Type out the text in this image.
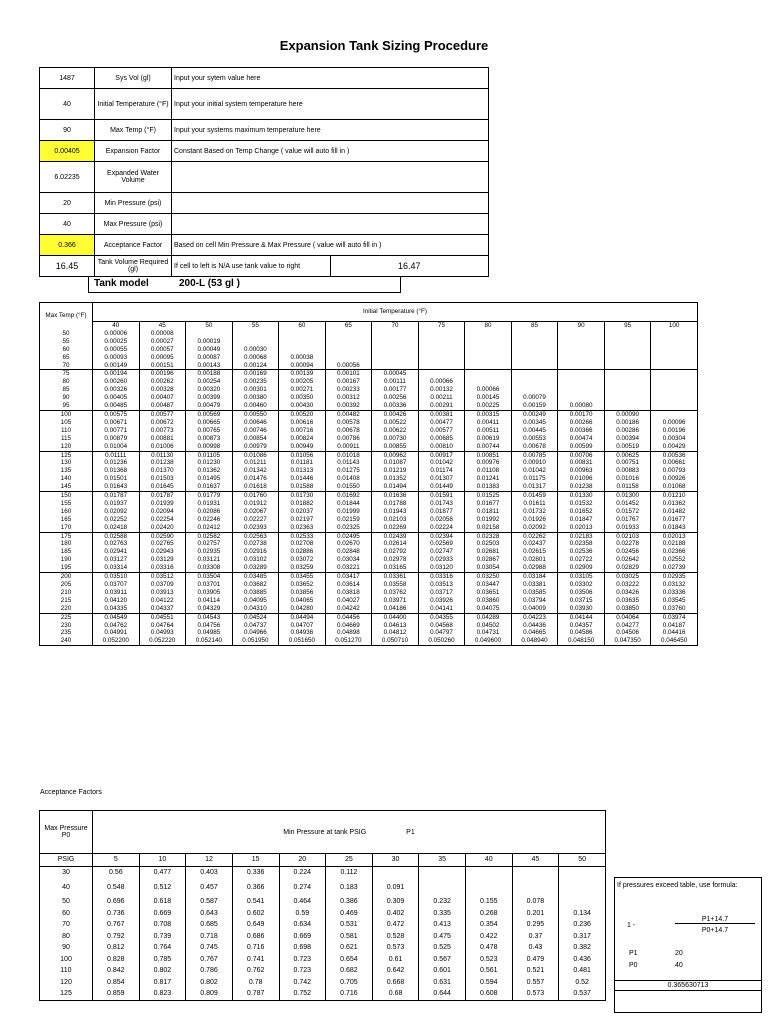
Expansion Tank Sizing Procedure
1487	Sys Vol (gl)	Input your sytem value here	
40	Initial Temperature (°F)	Input your initial system temperature here	
90	Max Temp (°F)	Input your systems maximum temperature here	
0.00405	Expansion Factor	Constant Based on Temp Change ( value will auto fill in )	
6.02235	Expanded Water Volume		
20	Min Pressure (psi)		
40	Max Pressure (psi)		
0.366	Acceptance Factor	Based on cell Min Pressure & Max Pressure ( value will auto fill in )	
16.45	Tank Volume Required (gl)	If cell to left is N/A use tank value to right	16.47
Tank model	200-L (53 gl )
Max Temp (°F)	Initial Temperature (°F)												
	40	45	50	55	60	65	70	75	80	85	90	95	100
50	0.00006	0.00008											
55	0.00025	0.00027	0.00019										
60	0.00055	0.00057	0.00049	0.00030									
65	0.00093	0.00095	0.00087	0.00068	0.00038								
70	0.00149	0.00151	0.00143	0.00124	0.00094	0.00056							
75	0.00194	0.00196	0.00188	0.00169	0.00139	0.00101	0.00045						
80	0.00260	0.00262	0.00254	0.00235	0.00205	0.00167	0.00111	0.00066					
85	0.00326	0.00328	0.00320	0.00301	0.00271	0.00233	0.00177	0.00132	0.00066				
90	0.00405	0.00407	0.00399	0.00380	0.00350	0.00312	0.00256	0.00211	0.00145	0.00079			
95	0.00485	0.00487	0.00479	0.00460	0.00430	0.00392	0.00336	0.00291	0.00225	0.00159	0.00080		
100	0.00575	0.00577	0.00569	0.00550	0.00520	0.00482	0.00426	0.00381	0.00315	0.00249	0.00170	0.00090	
105	0.00671	0.00672	0.00665	0.00646	0.00616	0.00578	0.00522	0.00477	0.00411	0.00345	0.00266	0.00186	0.00096
110	0.00771	0.00773	0.00765	0.00746	0.00716	0.00678	0.00622	0.00577	0.00511	0.00445	0.00366	0.00286	0.00196
115	0.00879	0.00881	0.00873	0.00854	0.00824	0.00786	0.00730	0.00685	0.00619	0.00553	0.00474	0.00394	0.00304
120	0.01004	0.01006	0.00998	0.00979	0.00949	0.00911	0.00855	0.00810	0.00744	0.00678	0.00599	0.00519	0.00429
125	0.01111	0.01130	0.01105	0.01086	0.01056	0.01018	0.00962	0.00917	0.00851	0.00785	0.00706	0.00625	0.00536
130	0.01236	0.01238	0.01230	0.01211	0.01181	0.01143	0.01087	0.01042	0.00976	0.00910	0.00831	0.00751	0.00661
135	0.01368	0.01370	0.01362	0.01342	0.01313	0.01275	0.01219	0.01174	0.01108	0.01042	0.00963	0.00883	0.00793
140	0.01501	0.01503	0.01495	0.01476	0.01446	0.01408	0.01352	0.01307	0.01241	0.01175	0.01096	0.01016	0.00926
145	0.01643	0.01645	0.01637	0.01618	0.01588	0.01550	0.01494	0.01449	0.01383	0.01317	0.01238	0.01158	0.01068
150	0.01787	0.01787	0.01779	0.01760	0.01730	0.01692	0.01636	0.01591	0.01525	0.01459	0.01330	0.01300	0.01210
155	0.01937	0.01939	0.01931	0.01912	0.01882	0.01844	0.01788	0.01743	0.01677	0.01611	0.01532	0.01452	0.01362
160	0.02092	0.02094	0.02086	0.02067	0.02037	0.01999	0.01943	0.01877	0.01811	0.01732	0.01652	0.01572	0.01482
165	0.02252	0.02254	0.02246	0.02227	0.02197	0.02159	0.02103	0.02058	0.01992	0.01926	0.01847	0.01767	0.01677
170	0.02418	0.02420	0.02412	0.02393	0.02363	0.02325	0.02269	0.02224	0.02158	0.02092	0.02013	0.01933	0.01843
175	0.02588	0.02590	0.02582	0.02563	0.02533	0.02495	0.02439	0.02394	0.02328	0.02262	0.02183	0.02103	0.02013
180	0.02763	0.02765	0.02757	0.02738	0.02708	0.02670	0.02614	0.02569	0.02503	0.02437	0.02358	0.02278	0.02188
185	0.02941	0.02943	0.02935	0.02916	0.02886	0.02848	0.02792	0.02747	0.02681	0.02615	0.02536	0.02456	0.02366
190	0.03127	0.03129	0.03121	0.03102	0.03072	0.03034	0.02978	0.02933	0.02867	0.02801	0.02722	0.02642	0.02552
195	0.03314	0.03316	0.03308	0.03289	0.03259	0.03221	0.03165	0.03120	0.03054	0.02988	0.02909	0.02829	0.02739
200	0.03510	0.03512	0.03504	0.03485	0.03455	0.03417	0.03361	0.03316	0.03250	0.03184	0.03105	0.03025	0.02935
205	0.03707	0.03709	0.03701	0.03682	0.03652	0.03614	0.03558	0.03513	0.03447	0.03381	0.03302	0.03222	0.03132
210	0.03911	0.03913	0.03905	0.03885	0.03856	0.03818	0.03762	0.03717	0.03651	0.03585	0.03506	0.03426	0.03336
215	0.04120	0.04122	0.04114	0.04095	0.04065	0.04027	0.03971	0.03926	0.03860	0.03794	0.03715	0.03635	0.03545
220	0.04335	0.04337	0.04329	0.04310	0.04280	0.04242	0.04186	0.04141	0.04075	0.04009	0.03930	0.03850	0.03760
225	0.04549	0.04551	0.04543	0.04524	0.04494	0.04456	0.04400	0.04355	0.04289	0.04223	0.04144	0.04064	0.03974
230	0.04762	0.04764	0.04756	0.04737	0.04707	0.04669	0.04613	0.04568	0.04502	0.04436	0.04357	0.04277	0.04187
235	0.04991	0.04993	0.04985	0.04966	0.04936	0.04898	0.04812	0.04797	0.04731	0.04665	0.04586	0.04506	0.04416
240	0.052200	0.052220	0.052140	0.051950	0.051650	0.051270	0.050710	0.050260	0.049600	0.048940	0.048150	0.047350	0.046450
Acceptance Factors
Max Pressure P0	Min Pressure at tank PSIG P1										
PSIG	5	10	12	15	20	25	30	35	40	45	50
30	0.56	0.477	0.403	0.336	0.224	0.112					
40	0.548	0.512	0.457	0.366	0.274	0.183	0.091				
50	0.696	0.618	0.587	0.541	0.464	0.386	0.309	0.232	0.155	0.078	
60	0.736	0.669	0.643	0.602	0.59	0.469	0.402	0.335	0.268	0.201	0.134
70	0.767	0.708	0.685	0.649	0.634	0.531	0.472	0.413	0.354	0.295	0.236
80	0.792	0.739	0.718	0.686	0.669	0.581	0.528	0.475	0.422	0.37	0.317
90	0.812	0.764	0.745	0.716	0.698	0.621	0.573	0.525	0.478	0.43	0.382
100	0.828	0.785	0.767	0.741	0.723	0.654	0.61	0.567	0.523	0.479	0.436
110	0.842	0.802	0.786	0.762	0.723	0.682	0.642	0.601	0.561	0.521	0.481
120	0.854	0.817	0.802	0.78	0.742	0.705	0.668	0.631	0.594	0.557	0.52
125	0.859	0.823	0.809	0.787	0.752	0.716	0.68	0.644	0.608	0.573	0.537
If pressures exceed table, use formula:
1 -
P1+14.7
P0+14.7
P1	20
P0	40
0.365630713
